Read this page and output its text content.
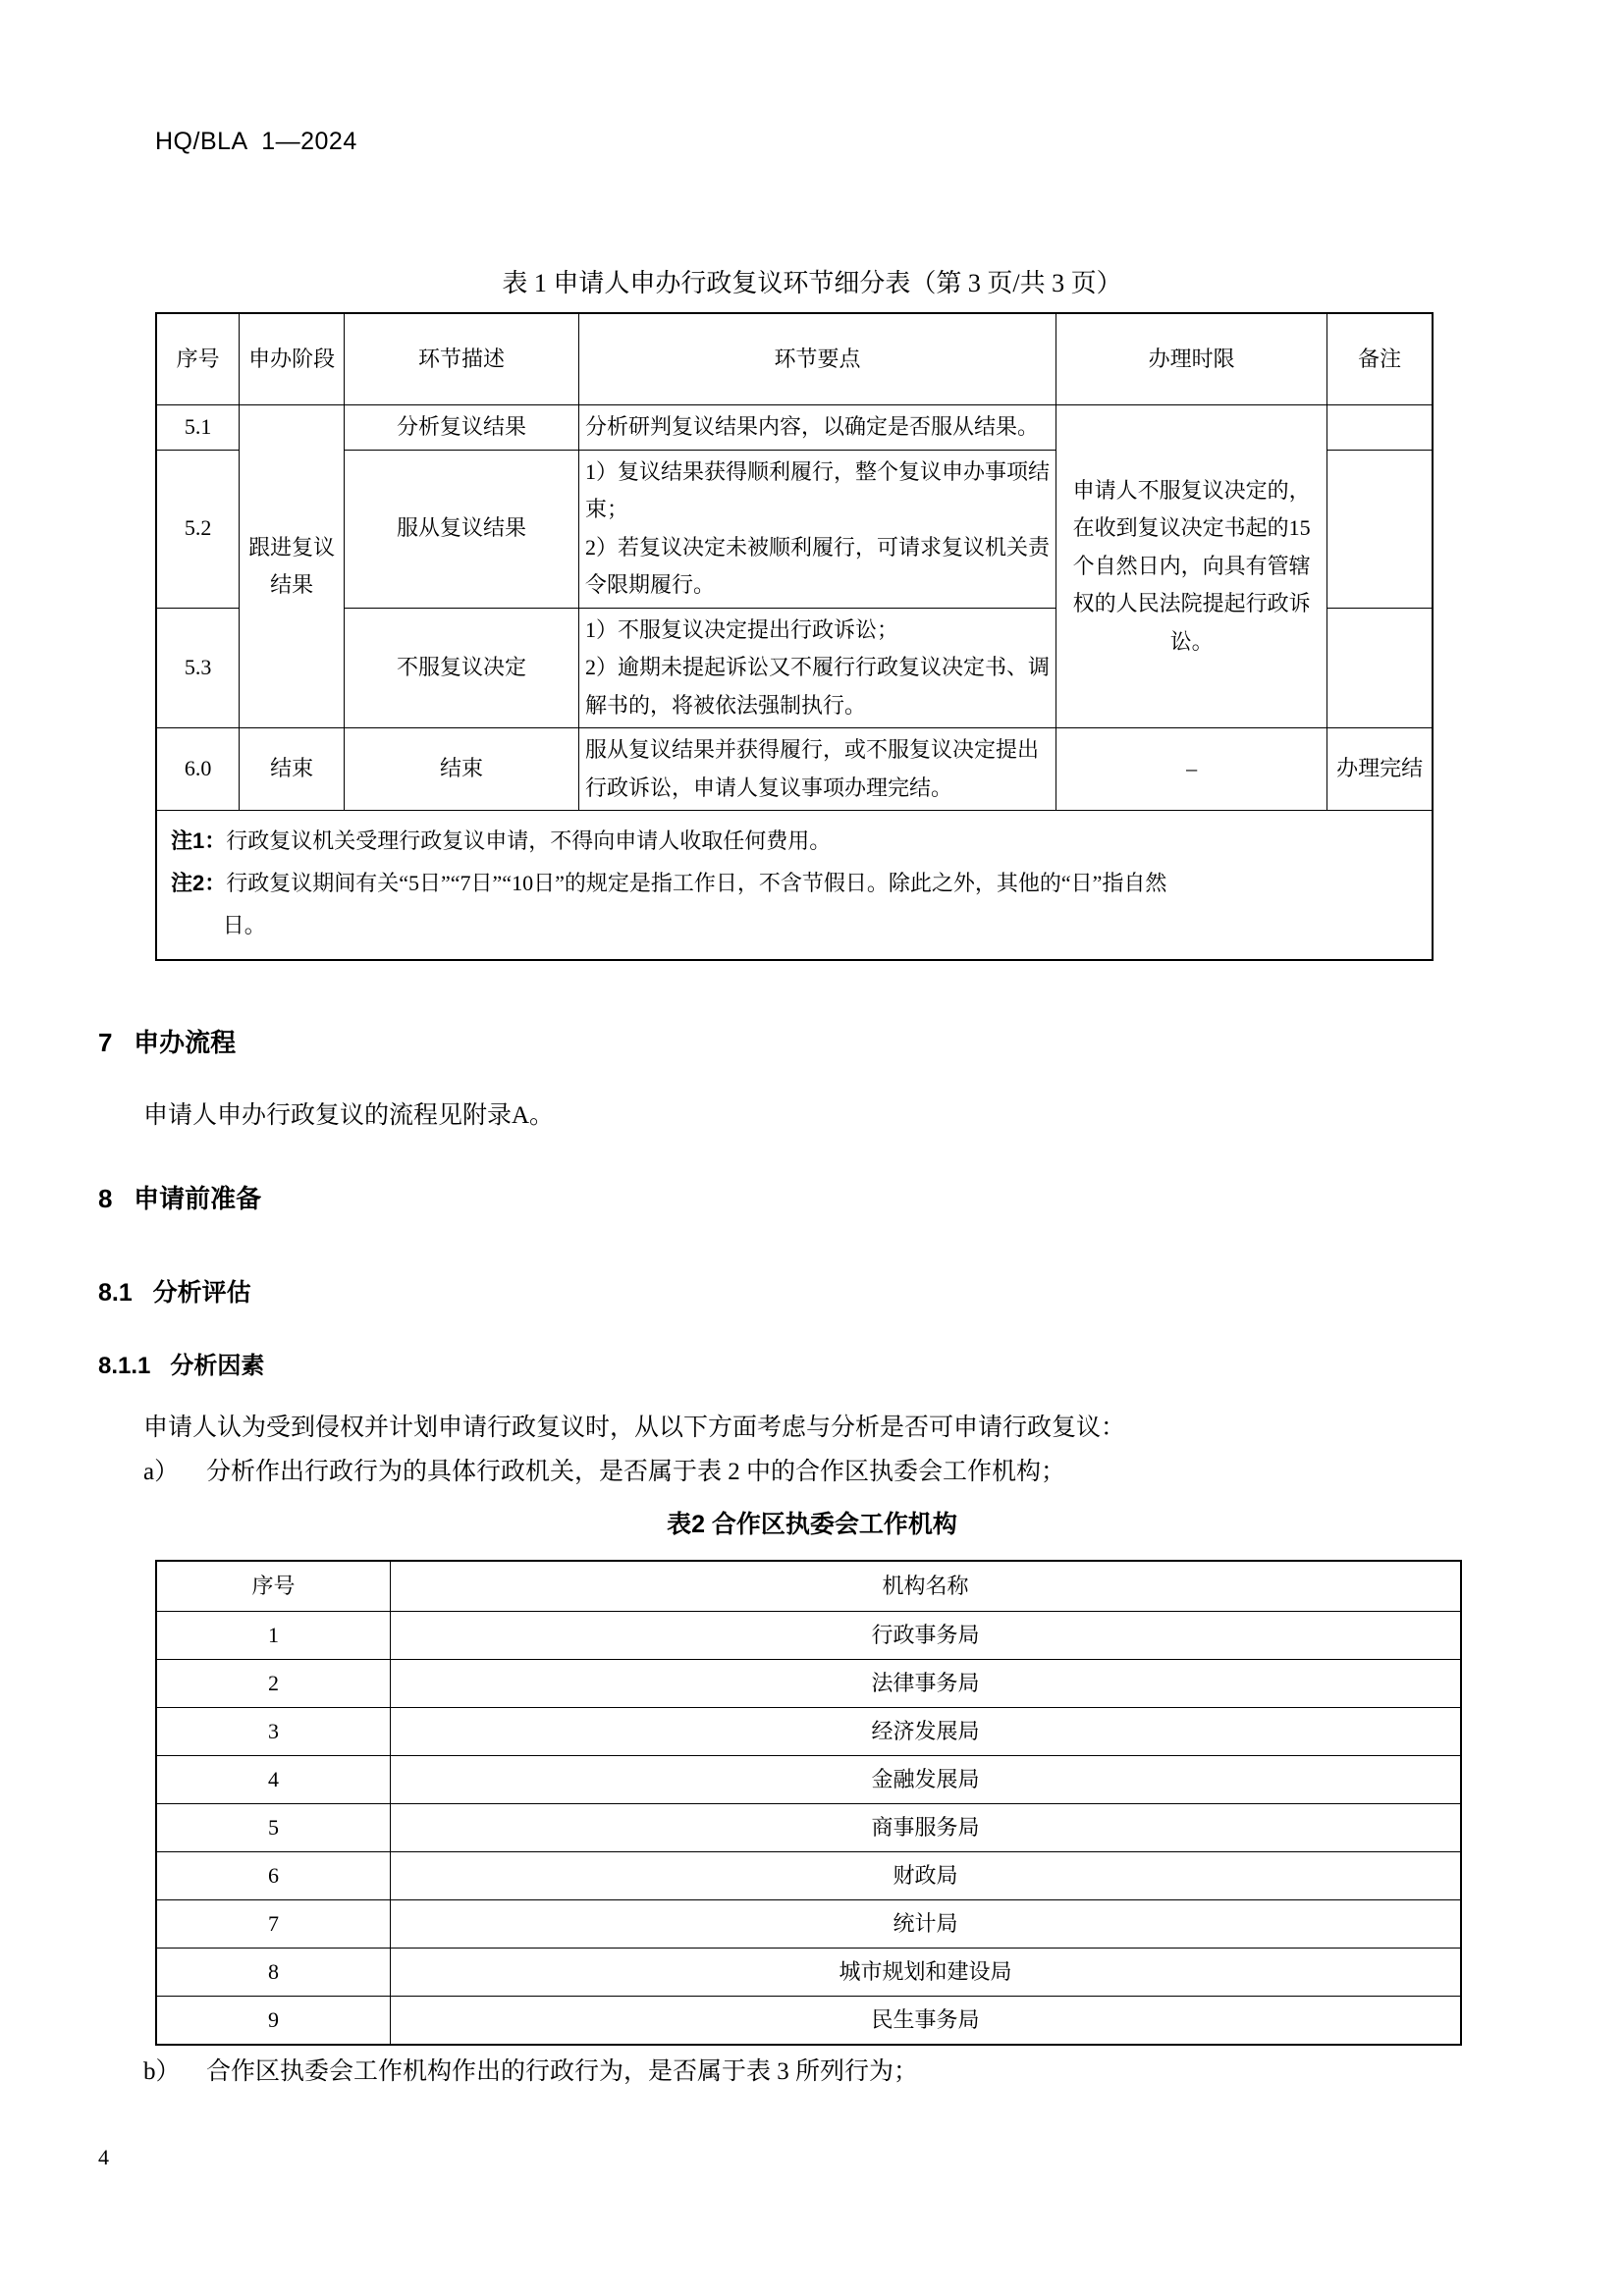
HQ/BLA  1—2024
表 1 申请人申办行政复议环节细分表（第 3 页/共 3 页）
序号	申办阶段	环节描述	环节要点	办理时限	备注
5.1	跟进复议结果	分析复议结果	分析研判复议结果内容，以确定是否服从结果。	申请人不服复议决定的，在收到复议决定书起的15个自然日内，向具有管辖权的人民法院提起行政诉讼。	
5.2		服从复议结果	1）复议结果获得顺利履行，整个复议申办事项结束；
2）若复议决定未被顺利履行，可请求复议机关责令限期履行。		

5.3		不服复议决定	1）不服复议决定提出行政诉讼；
2）逾期未提起诉讼又不履行行政复议决定书、调解书的，将被依法强制执行。		

6.0	结束	结束	服从复议结果并获得履行，或不服复议决定提出行政诉讼，申请人复议事项办理完结。	–	办理完结

注1：行政复议机关受理行政复议申请，不得向申请人收取任何费用。
注2：行政复议期间有关“5日”“7日”“10日”的规定是指工作日，不含节假日。除此之外，其他的“日”指自然
日。					
7   申办流程
申请人申办行政复议的流程见附录A。
8   申请前准备
8.1   分析评估
8.1.1   分析因素
申请人认为受到侵权并计划申请行政复议时，从以下方面考虑与分析是否可申请行政复议：
a） 分析作出行政行为的具体行政机关，是否属于表 2 中的合作区执委会工作机构；
表2 合作区执委会工作机构
序号	机构名称
1	行政事务局
2	法律事务局
3	经济发展局
4	金融发展局
5	商事服务局
6	财政局
7	统计局
8	城市规划和建设局
9	民生事务局
b） 合作区执委会工作机构作出的行政行为，是否属于表 3 所列行为；
4
